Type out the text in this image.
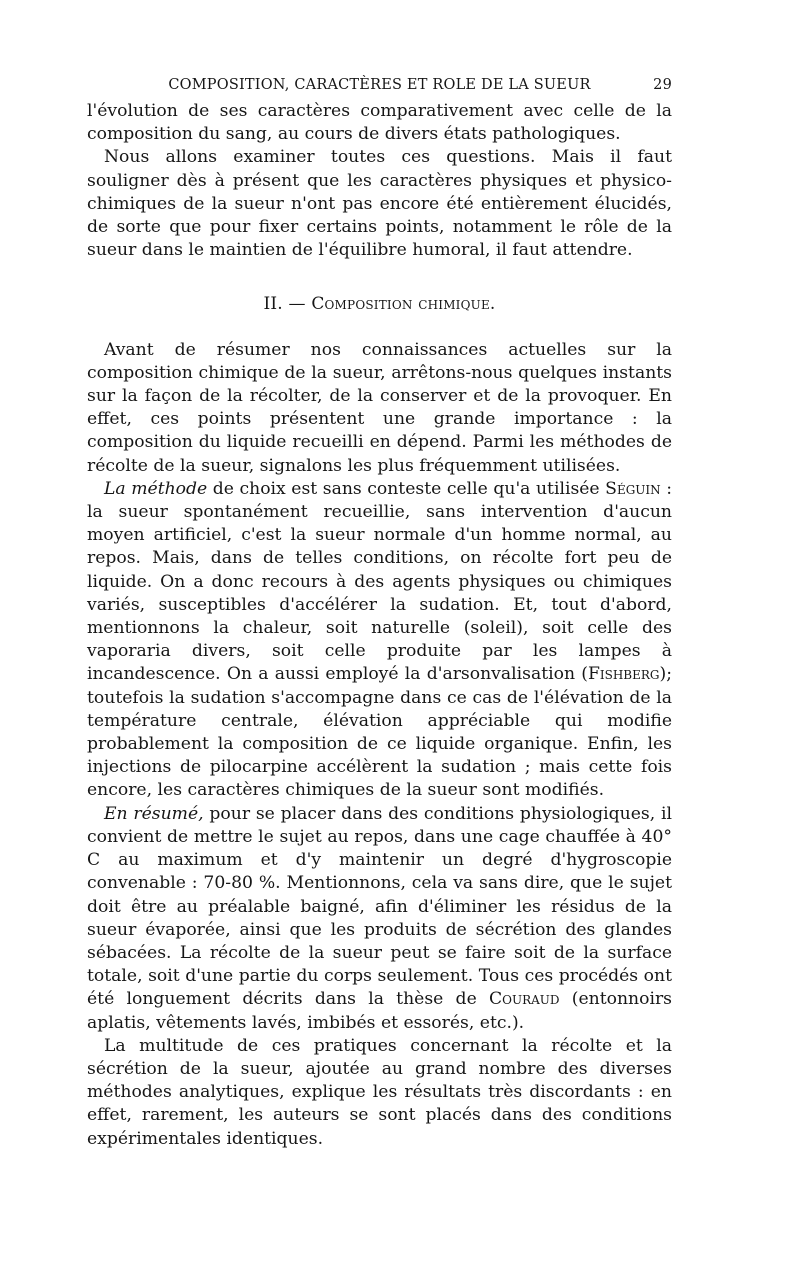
COMPOSITION, CARACTÈRES ET ROLE DE LA SUEUR	29

l'évolution de ses caractères comparativement avec celle de la composition du sang, au cours de divers états pathologiques.

Nous allons examiner toutes ces questions. Mais il faut souligner dès à présent que les caractères physiques et physico-chimiques de la sueur n'ont pas encore été entièrement élucidés, de sorte que pour fixer certains points, notamment le rôle de la sueur dans le maintien de l'équilibre humoral, il faut attendre.

II. — Composition chimique.

Avant de résumer nos connaissances actuelles sur la composition chimique de la sueur, arrêtons-nous quelques instants sur la façon de la récolter, de la conserver et de la provoquer. En effet, ces points présentent une grande importance : la composition du liquide recueilli en dépend. Parmi les méthodes de récolte de la sueur, signalons les plus fréquemment utilisées.

La méthode de choix est sans conteste celle qu'a utilisée Séguin : la sueur spontanément recueillie, sans intervention d'aucun moyen artificiel, c'est la sueur normale d'un homme normal, au repos. Mais, dans de telles conditions, on récolte fort peu de liquide. On a donc recours à des agents physiques ou chimiques variés, susceptibles d'accélérer la sudation. Et, tout d'abord, mentionnons la chaleur, soit naturelle (soleil), soit celle des vaporaria divers, soit celle produite par les lampes à incandescence. On a aussi employé la d'arsonvalisation (Fishberg); toutefois la sudation s'accompagne dans ce cas de l'élévation de la température centrale, élévation appréciable qui modifie probablement la composition de ce liquide organique. Enfin, les injections de pilocarpine accélèrent la sudation ; mais cette fois encore, les caractères chimiques de la sueur sont modifiés.

En résumé, pour se placer dans des conditions physiologiques, il convient de mettre le sujet au repos, dans une cage chauffée à 40° C au maximum et d'y maintenir un degré d'hygroscopie convenable : 70-80 %. Mentionnons, cela va sans dire, que le sujet doit être au préalable baigné, afin d'éliminer les résidus de la sueur évaporée, ainsi que les produits de sécrétion des glandes sébacées. La récolte de la sueur peut se faire soit de la surface totale, soit d'une partie du corps seulement. Tous ces procédés ont été longuement décrits dans la thèse de Couraud (entonnoirs aplatis, vêtements lavés, imbibés et essorés, etc.).

La multitude de ces pratiques concernant la récolte et la sécrétion de la sueur, ajoutée au grand nombre des diverses méthodes analytiques, explique les résultats très discordants : en effet, rarement, les auteurs se sont placés dans des conditions expérimentales identiques.
